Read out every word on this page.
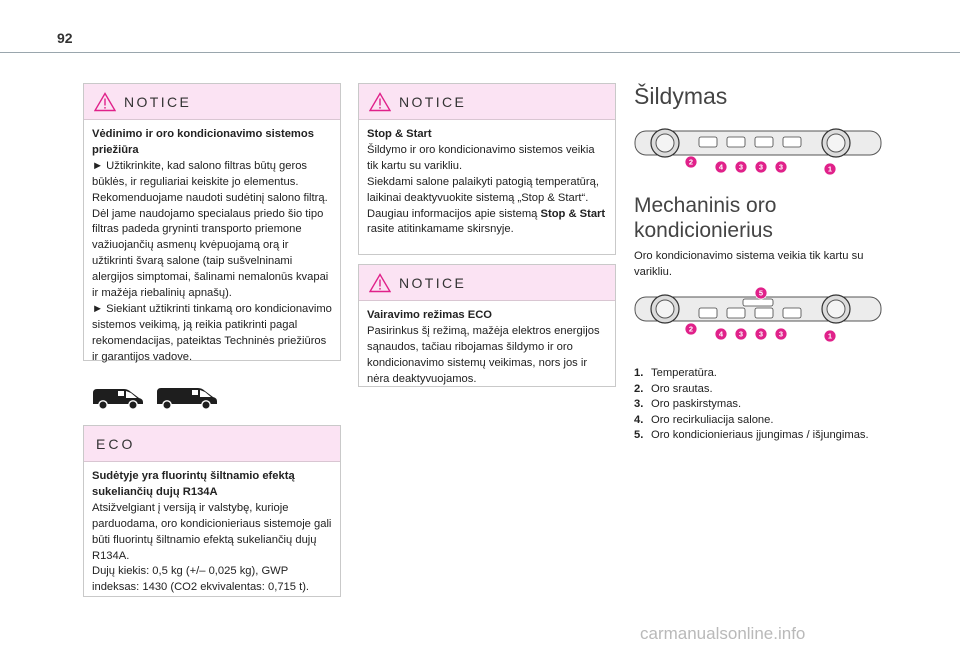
92
NOTICE

Vėdinimo ir oro kondicionavimo sistemos priežiūra

► Užtikrinkite, kad salono filtras būtų geros būklės, ir reguliariai keiskite jo elementus.

Rekomenduojame naudoti sudėtinį salono filtrą. Dėl jame naudojamo specialaus priedo šio tipo filtras padeda gryninti transporto priemone važiuojančių asmenų kvėpuojamą orą ir užtikrinti švarą salone (taip sušvelninami alergijos simptomai, šalinami nemalonūs kvapai ir mažėja riebalinių apnašų).

► Siekiant užtikrinti tinkamą oro kondicionavimo sistemos veikimą, ją reikia patikrinti pagal rekomendacijas, pateiktas Techninės priežiūros ir garantijos vadove.

ECO

Sudėtyje yra fluorintų šiltnamio efektą sukeliančių dujų R134A

Atsižvelgiant į versiją ir valstybę, kurioje parduodama, oro kondicionieriaus sistemoje gali būti fluorintų šiltnamio efektą sukeliančių dujų R134A.

Dujų kiekis: 0,5 kg (+/– 0,025 kg), GWP indeksas: 1430 (CO2 ekvivalentas: 0,715 t).

NOTICE

Stop & Start

Šildymo ir oro kondicionavimo sistemos veikia tik kartu su varikliu.

Siekdami salone palaikyti patogią temperatūrą, laikinai deaktyvuokite sistemą „Stop & Start“.

Daugiau informacijos apie sistemą Stop & Start rasite atitinkamame skirsnyje.

NOTICE

Vairavimo režimas ECO

Pasirinkus šį režimą, mažėja elektros energijos sąnaudos, tačiau ribojamas šildymo ir oro kondicionavimo sistemų veikimas, nors jos ir nėra deaktyvuojamos.

Šildymas
2
4 3 3 3	1
Mechaninis oro kondicionierius

Oro kondicionavimo sistema veikia tik kartu su varikliu.

5
2
4 3 3 3	1
1. Temperatūra.
2. Oro srautas.
3. Oro paskirstymas.
4. Oro recirkuliacija salone.
5. Oro kondicionieriaus įjungimas / išjungimas.
carmanualsonline.info
